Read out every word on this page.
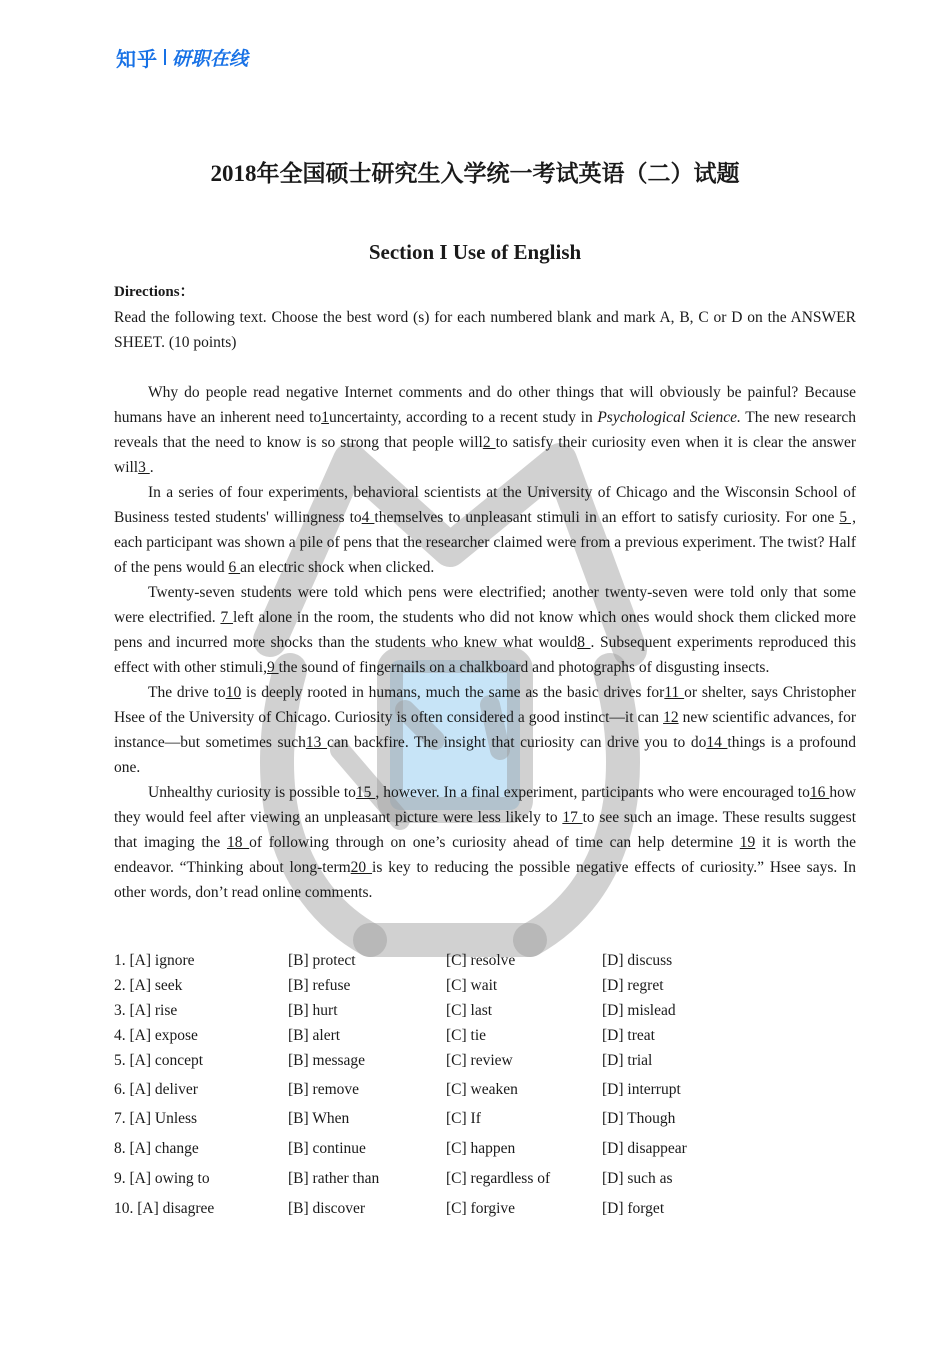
知乎 研职在线
2018年全国硕士研究生入学统一考试英语（二）试题
Section I Use of English
Directions：

Read the following text. Choose the best word (s) for each numbered blank and mark A, B, C or D on the ANSWER SHEET. (10 points)

Why do people read negative Internet comments and do other things that will obviously be painful? Because humans have an inherent need to1uncertainty, according to a recent study in Psychological Science. The new research reveals that the need to know is so strong that people will2 to satisfy their curiosity even when it is clear the answer will3 .

In a series of four experiments, behavioral scientists at the University of Chicago and the Wisconsin School of Business tested students' willingness to4 themselves to unpleasant stimuli in an effort to satisfy curiosity. For one 5 , each participant was shown a pile of pens that the researcher claimed were from a previous experiment. The twist? Half of the pens would 6 an electric shock when clicked.

Twenty-seven students were told which pens were electrified; another twenty-seven were told only that some were electrified. 7 left alone in the room, the students who did not know which ones would shock them clicked more pens and incurred more shocks than the students who knew what would8 . Subsequent experiments reproduced this effect with other stimuli,9 the sound of fingernails on a chalkboard and photographs of disgusting insects.

The drive to10 is deeply rooted in humans, much the same as the basic drives for11 or shelter, says Christopher Hsee of the University of Chicago. Curiosity is often considered a good instinct—it can 12 new scientific advances, for instance—but sometimes such13 can backfire. The insight that curiosity can drive you to do14 things is a profound one.

Unhealthy curiosity is possible to15 , however. In a final experiment, participants who were encouraged to16 how they would feel after viewing an unpleasant picture were less likely to 17 to see such an image. These results suggest that imaging the 18 of following through on one’s curiosity ahead of time can help determine 19 it is worth the endeavor. “Thinking about long-term20 is key to reducing the possible negative effects of curiosity.” Hsee says. In other words, don’t read online comments.

1. [A] ignore	[B] protect	[C] resolve	[D] discuss
2. [A] seek	[B] refuse	[C] wait	[D] regret
3. [A] rise	[B] hurt	[C] last	[D] mislead
4. [A] expose	[B] alert	[C] tie	[D] treat
5. [A] concept	[B] message	[C] review	[D] trial
6. [A] deliver	[B] remove	[C] weaken	[D] interrupt
7. [A] Unless	[B] When	[C] If	[D] Though
8. [A] change	[B] continue	[C] happen	[D] disappear
9. [A] owing to	[B] rather than	[C] regardless of	[D] such as
10. [A] disagree	[B] discover	[C] forgive	[D] forget
